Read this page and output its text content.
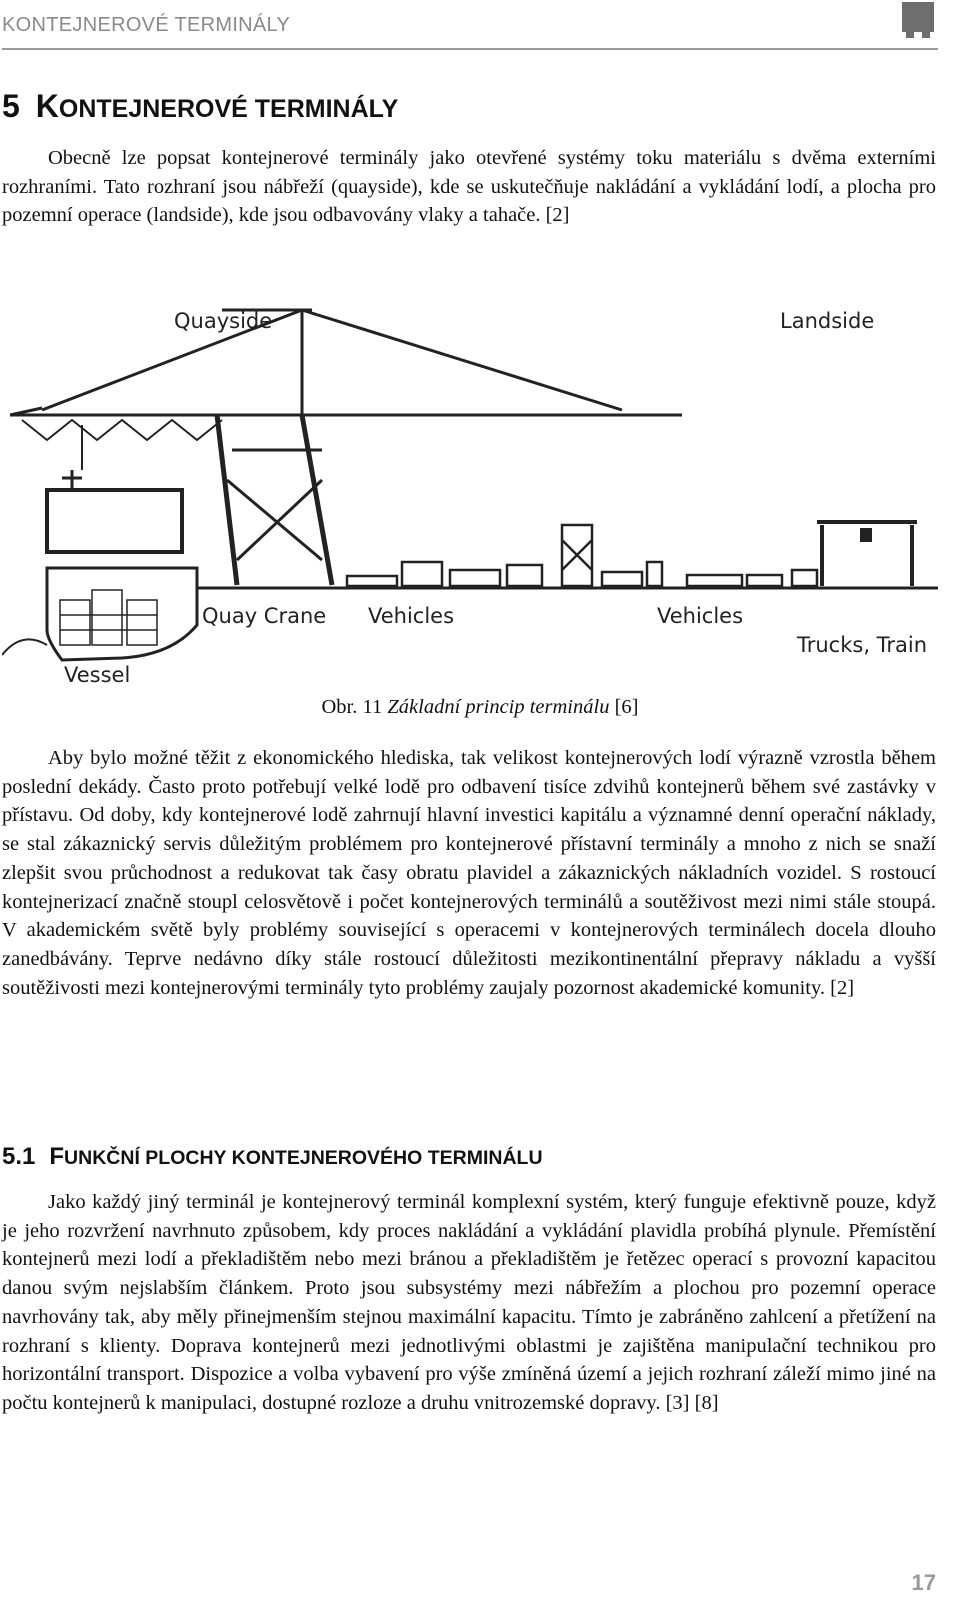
KONTEJNEROVÉ TERMINÁLY
5 KONTEJNEROVÉ TERMINÁLY

Obecně lze popsat kontejnerové terminály jako otevřené systémy toku materiálu s dvěma externími rozhraními. Tato rozhraní jsou nábřeží (quayside), kde se uskutečňuje nakládání a vykládání lodí, a plocha pro pozemní operace (landside), kde jsou odbavovány vlaky a tahače. [2]

Quayside	Landside
Quay Crane Vehicles	Vehicles
Trucks, Train
Vessel
Obr. 11 Základní princip terminálu [6]

Aby bylo možné těžit z ekonomického hlediska, tak velikost kontejnerových lodí výrazně vzrostla během poslední dekády. Často proto potřebují velké lodě pro odbavení tisíce zdvihů kontejnerů během své zastávky v přístavu. Od doby, kdy kontejnerové lodě zahrnují hlavní investici kapitálu a významné denní operační náklady, se stal zákaznický servis důležitým problémem pro kontejnerové přístavní terminály a mnoho z nich se snaží zlepšit svou průchodnost a redukovat tak časy obratu plavidel a zákaznických nákladních vozidel. S rostoucí kontejnerizací značně stoupl celosvětově i počet kontejnerových terminálů a soutěživost mezi nimi stále stoupá. V akademickém světě byly problémy související s operacemi v kontejnerových terminálech docela dlouho zanedbávány. Teprve nedávno díky stále rostoucí důležitosti mezikontinentální přepravy nákladu a vyšší soutěživosti mezi kontejnerovými terminály tyto problémy zaujaly pozornost akademické komunity. [2]

5.1 FUNKČNÍ PLOCHY KONTEJNEROVÉHO TERMINÁLU

Jako každý jiný terminál je kontejnerový terminál komplexní systém, který funguje efektivně pouze, když je jeho rozvržení navrhnuto způsobem, kdy proces nakládání a vykládání plavidla probíhá plynule. Přemístění kontejnerů mezi lodí a překladištěm nebo mezi bránou a překladištěm je řetězec operací s provozní kapacitou danou svým nejslabším článkem. Proto jsou subsystémy mezi nábřežím a plochou pro pozemní operace navrhovány tak, aby měly přinejmenším stejnou maximální kapacitu. Tímto je zabráněno zahlcení a přetížení na rozhraní s klienty. Doprava kontejnerů mezi jednotlivými oblastmi je zajištěna manipulační technikou pro horizontální transport. Dispozice a volba vybavení pro výše zmíněná území a jejich rozhraní záleží mimo jiné na počtu kontejnerů k manipulaci, dostupné rozloze a druhu vnitrozemské dopravy. [3] [8]

17
